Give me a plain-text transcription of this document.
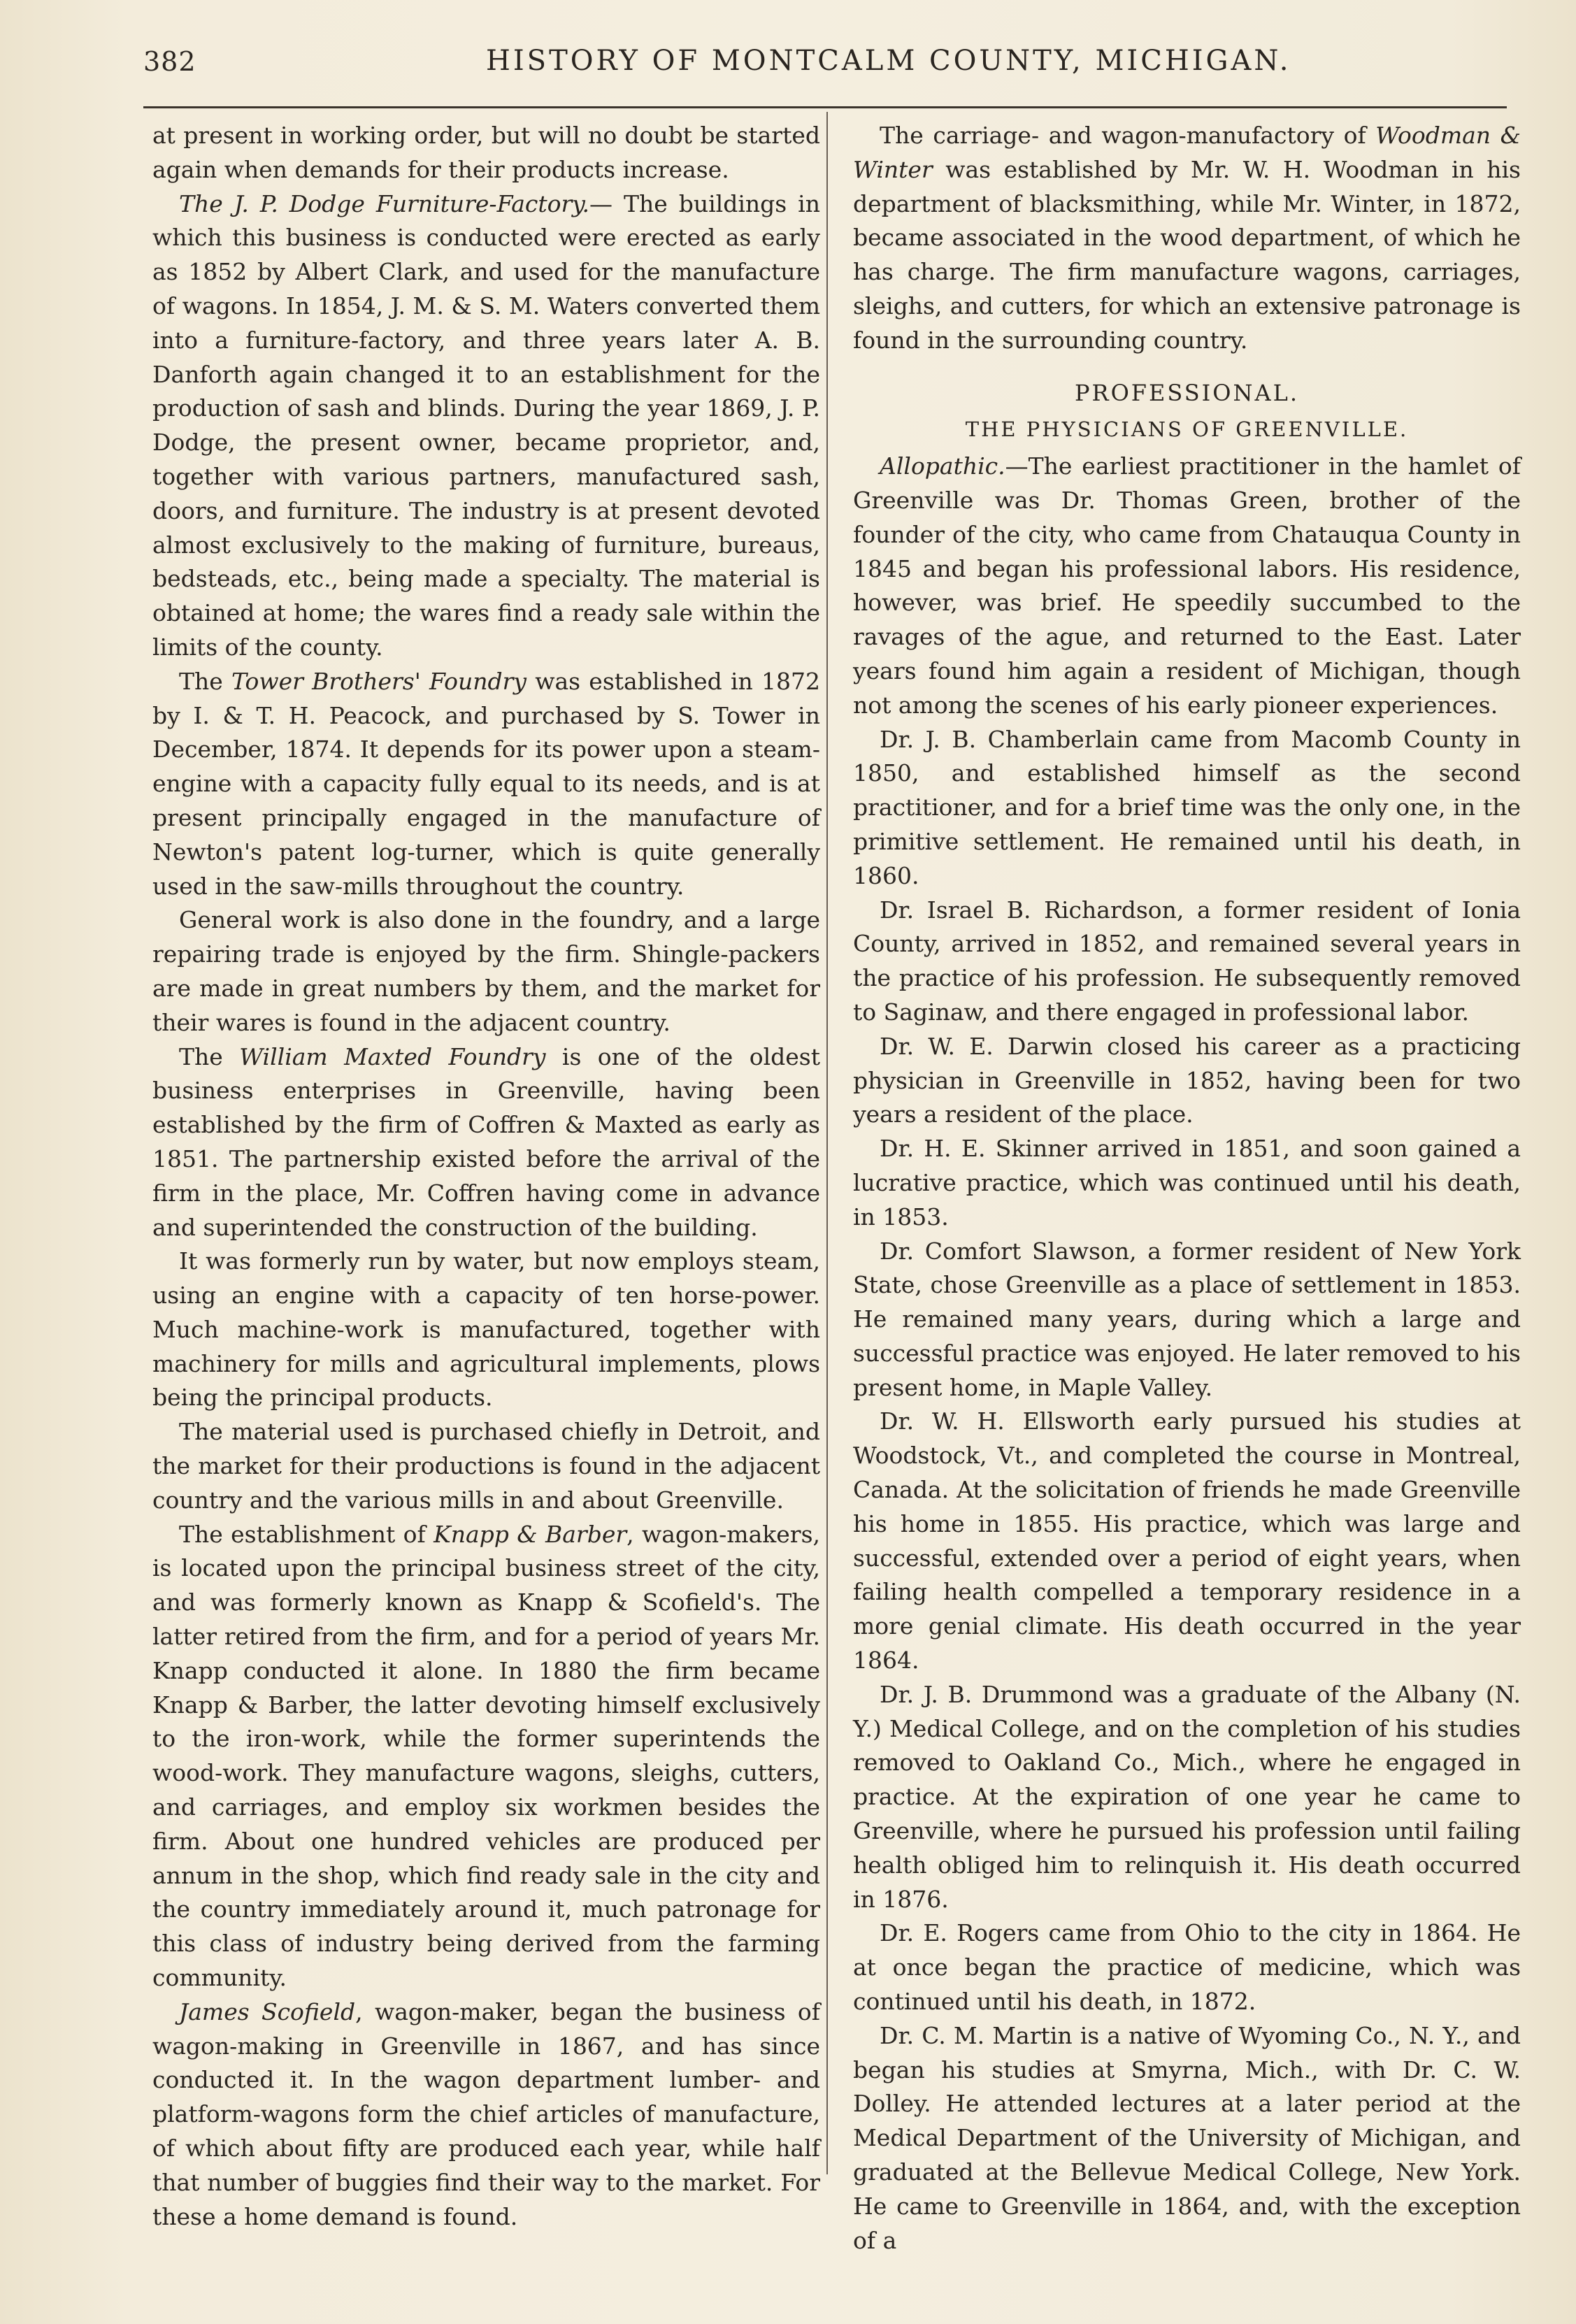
382	HISTORY OF MONTCALM COUNTY, MICHIGAN.

at present in working order, but will no doubt be started again when demands for their products increase.

The J. P. Dodge Furniture-Factory.— The buildings in which this business is conducted were erected as early as 1852 by Albert Clark, and used for the manufacture of wagons. In 1854, J. M. & S. M. Waters converted them into a furniture-factory, and three years later A. B. Danforth again changed it to an establishment for the production of sash and blinds. During the year 1869, J. P. Dodge, the present owner, became proprietor, and, together with various partners, manufactured sash, doors, and furniture. The industry is at present devoted almost exclusively to the making of furniture, bureaus, bedsteads, etc., being made a specialty. The material is obtained at home; the wares find a ready sale within the limits of the county.

The Tower Brothers' Foundry was established in 1872 by I. & T. H. Peacock, and purchased by S. Tower in December, 1874. It depends for its power upon a steam-engine with a capacity fully equal to its needs, and is at present principally engaged in the manufacture of Newton's patent log-turner, which is quite generally used in the saw-mills throughout the country.

General work is also done in the foundry, and a large repairing trade is enjoyed by the firm. Shingle-packers are made in great numbers by them, and the market for their wares is found in the adjacent country.

The William Maxted Foundry is one of the oldest business enterprises in Greenville, having been established by the firm of Coffren & Maxted as early as 1851. The partnership existed before the arrival of the firm in the place, Mr. Coffren having come in advance and superintended the construction of the building.

It was formerly run by water, but now employs steam, using an engine with a capacity of ten horse-power. Much machine-work is manufactured, together with machinery for mills and agricultural implements, plows being the principal products.

The material used is purchased chiefly in Detroit, and the market for their productions is found in the adjacent country and the various mills in and about Greenville.

The establishment of Knapp & Barber, wagon-makers, is located upon the principal business street of the city, and was formerly known as Knapp & Scofield's. The latter retired from the firm, and for a period of years Mr. Knapp conducted it alone. In 1880 the firm became Knapp & Barber, the latter devoting himself exclusively to the iron-work, while the former superintends the wood-work. They manufacture wagons, sleighs, cutters, and carriages, and employ six workmen besides the firm. About one hundred vehicles are produced per annum in the shop, which find ready sale in the city and the country immediately around it, much patronage for this class of industry being derived from the farming community.

James Scofield, wagon-maker, began the business of wagon-making in Greenville in 1867, and has since conducted it. In the wagon department lumber- and platform-wagons form the chief articles of manufacture, of which about fifty are produced each year, while half that number of buggies find their way to the market. For these a home demand is found.

The carriage- and wagon-manufactory of Woodman & Winter was established by Mr. W. H. Woodman in his department of blacksmithing, while Mr. Winter, in 1872, became associated in the wood department, of which he has charge. The firm manufacture wagons, carriages, sleighs, and cutters, for which an extensive patronage is found in the surrounding country.

PROFESSIONAL.

THE PHYSICIANS OF GREENVILLE.

Allopathic.—The earliest practitioner in the hamlet of Greenville was Dr. Thomas Green, brother of the founder of the city, who came from Chatauqua County in 1845 and began his professional labors. His residence, however, was brief. He speedily succumbed to the ravages of the ague, and returned to the East. Later years found him again a resident of Michigan, though not among the scenes of his early pioneer experiences.

Dr. J. B. Chamberlain came from Macomb County in 1850, and established himself as the second practitioner, and for a brief time was the only one, in the primitive settlement. He remained until his death, in 1860.

Dr. Israel B. Richardson, a former resident of Ionia County, arrived in 1852, and remained several years in the practice of his profession. He subsequently removed to Saginaw, and there engaged in professional labor.

Dr. W. E. Darwin closed his career as a practicing physician in Greenville in 1852, having been for two years a resident of the place.

Dr. H. E. Skinner arrived in 1851, and soon gained a lucrative practice, which was continued until his death, in 1853.

Dr. Comfort Slawson, a former resident of New York State, chose Greenville as a place of settlement in 1853. He remained many years, during which a large and successful practice was enjoyed. He later removed to his present home, in Maple Valley.

Dr. W. H. Ellsworth early pursued his studies at Woodstock, Vt., and completed the course in Montreal, Canada. At the solicitation of friends he made Greenville his home in 1855. His practice, which was large and successful, extended over a period of eight years, when failing health compelled a temporary residence in a more genial climate. His death occurred in the year 1864.

Dr. J. B. Drummond was a graduate of the Albany (N. Y.) Medical College, and on the completion of his studies removed to Oakland Co., Mich., where he engaged in practice. At the expiration of one year he came to Greenville, where he pursued his profession until failing health obliged him to relinquish it. His death occurred in 1876.

Dr. E. Rogers came from Ohio to the city in 1864. He at once began the practice of medicine, which was continued until his death, in 1872.

Dr. C. M. Martin is a native of Wyoming Co., N. Y., and began his studies at Smyrna, Mich., with Dr. C. W. Dolley. He attended lectures at a later period at the Medical Department of the University of Michigan, and graduated at the Bellevue Medical College, New York. He came to Greenville in 1864, and, with the exception of a
